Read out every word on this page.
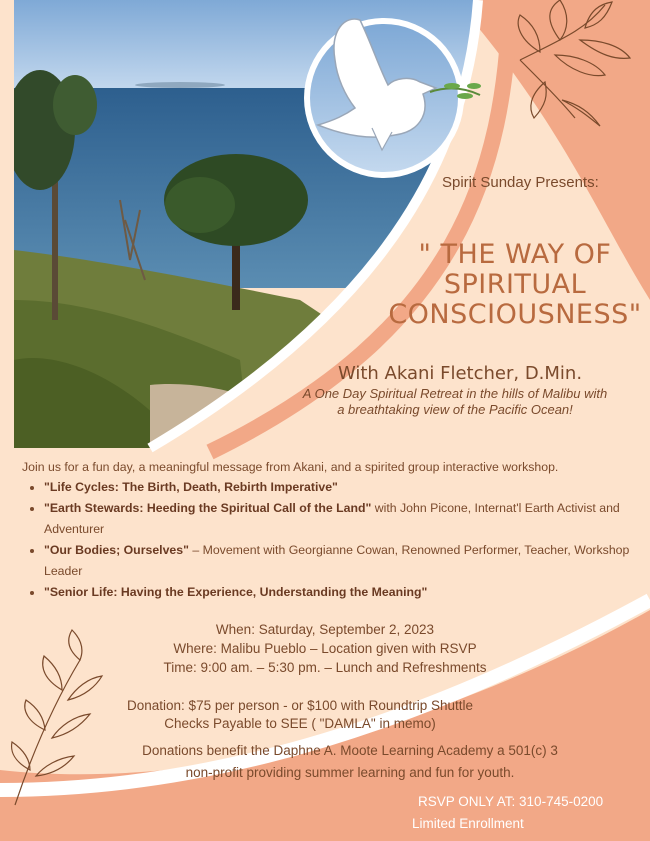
Spirit Sunday Presents:

" THE WAY OF
SPIRITUAL
CONSCIOUSNESS"

With Akani Fletcher, D.Min.

A One Day Spiritual Retreat in the hills of Malibu with
a breathtaking view of the Pacific Ocean!

Join us for a fun day, a meaningful message from Akani, and a spirited group interactive workshop.

• "Life Cycles: The Birth, Death, Rebirth Imperative"
• "Earth Stewards: Heeding the Spiritual Call of the Land" with John Picone, Internat'l Earth Activist and Adventurer
• "Our Bodies; Ourselves" – Movement with Georgianne Cowan, Renowned Performer, Teacher, Workshop Leader
• "Senior Life: Having the Experience, Understanding the Meaning"
When: Saturday, September 2, 2023
Where: Malibu Pueblo – Location given with RSVP
Time: 9:00 am. – 5:30 pm. – Lunch and Refreshments
Donation: $75 per person - or $100 with Roundtrip Shuttle
Checks Payable to SEE ( "DAMLA" in memo)
Donations benefit the Daphne A. Moote Learning Academy a 501(c) 3
non-profit providing summer learning and fun for youth.

RSVP ONLY AT: 310-745-0200

Limited Enrollment
